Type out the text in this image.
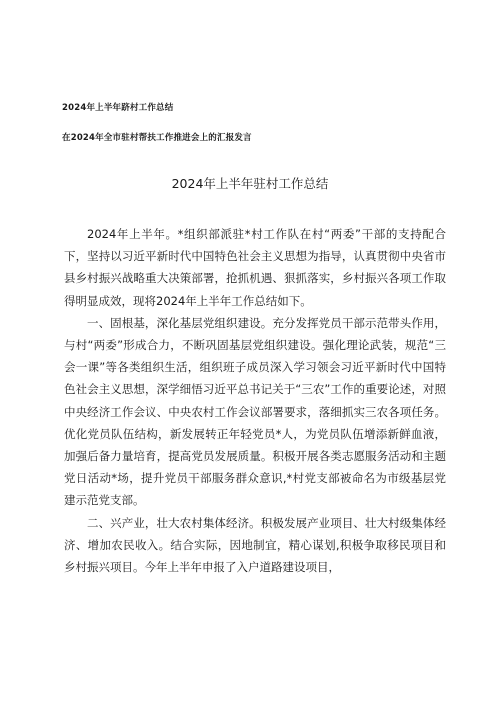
2024年上半年跻村工作总结
在2024年全市驻村帮扶工作推进会上的汇报发言
2024年上半年驻村工作总结

2024年上半年。*组织部派驻*村工作队在村“两委”干部的支持配合下，坚持以习近平新时代中国特色社会主义思想为指导，认真贯彻中央省市县乡村振兴战略重大决策部署，抢抓机遇、狠抓落实，乡村振兴各项工作取得明显成效，现将2024年上半年工作总结如下。

一、固根基，深化基层党组织建设。充分发挥党员干部示范带头作用，与村“两委”形成合力，不断巩固基层党组织建设。强化理论武装，规范“三会一课”等各类组织生活，组织班子成员深入学习领会习近平新时代中国特色社会主义思想，深学细悟习近平总书记关于“三农”工作的重要论述，对照中央经济工作会议、中央农村工作会议部署要求，落细抓实三农各项任务。优化党员队伍结构，新发展转正年轻党员*人，为党员队伍增添新鲜血液，加强后备力量培育，提高党员发展质量。积极开展各类志愿服务活动和主题党日活动*场，提升党员干部服务群众意识,*村党支部被命名为市级基层党建示范党支部。

二、兴产业，壮大农村集体经济。积极发展产业项目、壮大村级集体经济、增加农民收入。结合实际，因地制宜，精心谋划,积极争取移民项目和乡村振兴项目。今年上半年申报了入户道路建设项目，
